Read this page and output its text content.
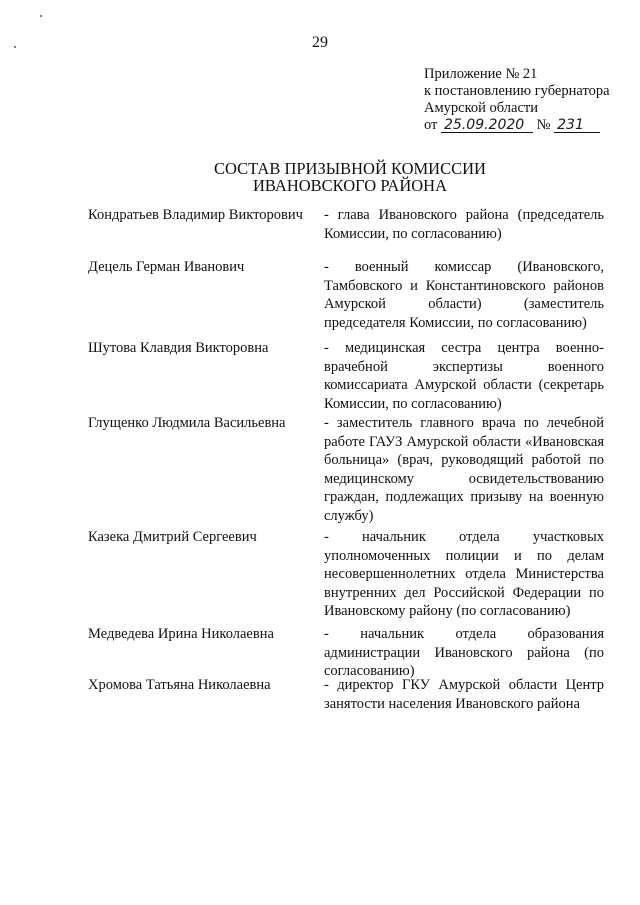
29
Приложение № 21
к постановлению губернатора
Амурской области
от 25.09.2020 № 231
СОСТАВ ПРИЗЫВНОЙ КОМИССИИ
ИВАНОВСКОГО РАЙОНА
Кондратьев Владимир Викторович	- глава Ивановского района (председатель Комиссии, по согласованию)
Децель Герман Иванович	- военный комиссар (Ивановского, Тамбовского и Константиновского районов Амурской области) (заместитель председателя Комиссии, по согласованию)
Шутова Клавдия Викторовна	- медицинская сестра центра военно-врачебной экспертизы военного комиссариата Амурской области (секретарь Комиссии, по согласованию)
Глущенко Людмила Васильевна	- заместитель главного врача по лечебной работе ГАУЗ Амурской области «Ивановская больница» (врач, руководящий работой по медицинскому освидетельствованию граждан, подлежащих призыву на военную службу)
Казека Дмитрий Сергеевич	- начальник отдела участковых уполномоченных полиции и по делам несовершеннолетних отдела Министерства внутренних дел Российской Федерации по Ивановскому району (по согласованию)
Медведева Ирина Николаевна	- начальник отдела образования администрации Ивановского района (по согласованию)
Хромова Татьяна Николаевна	- директор ГКУ Амурской области Центр занятости населения Ивановского района
